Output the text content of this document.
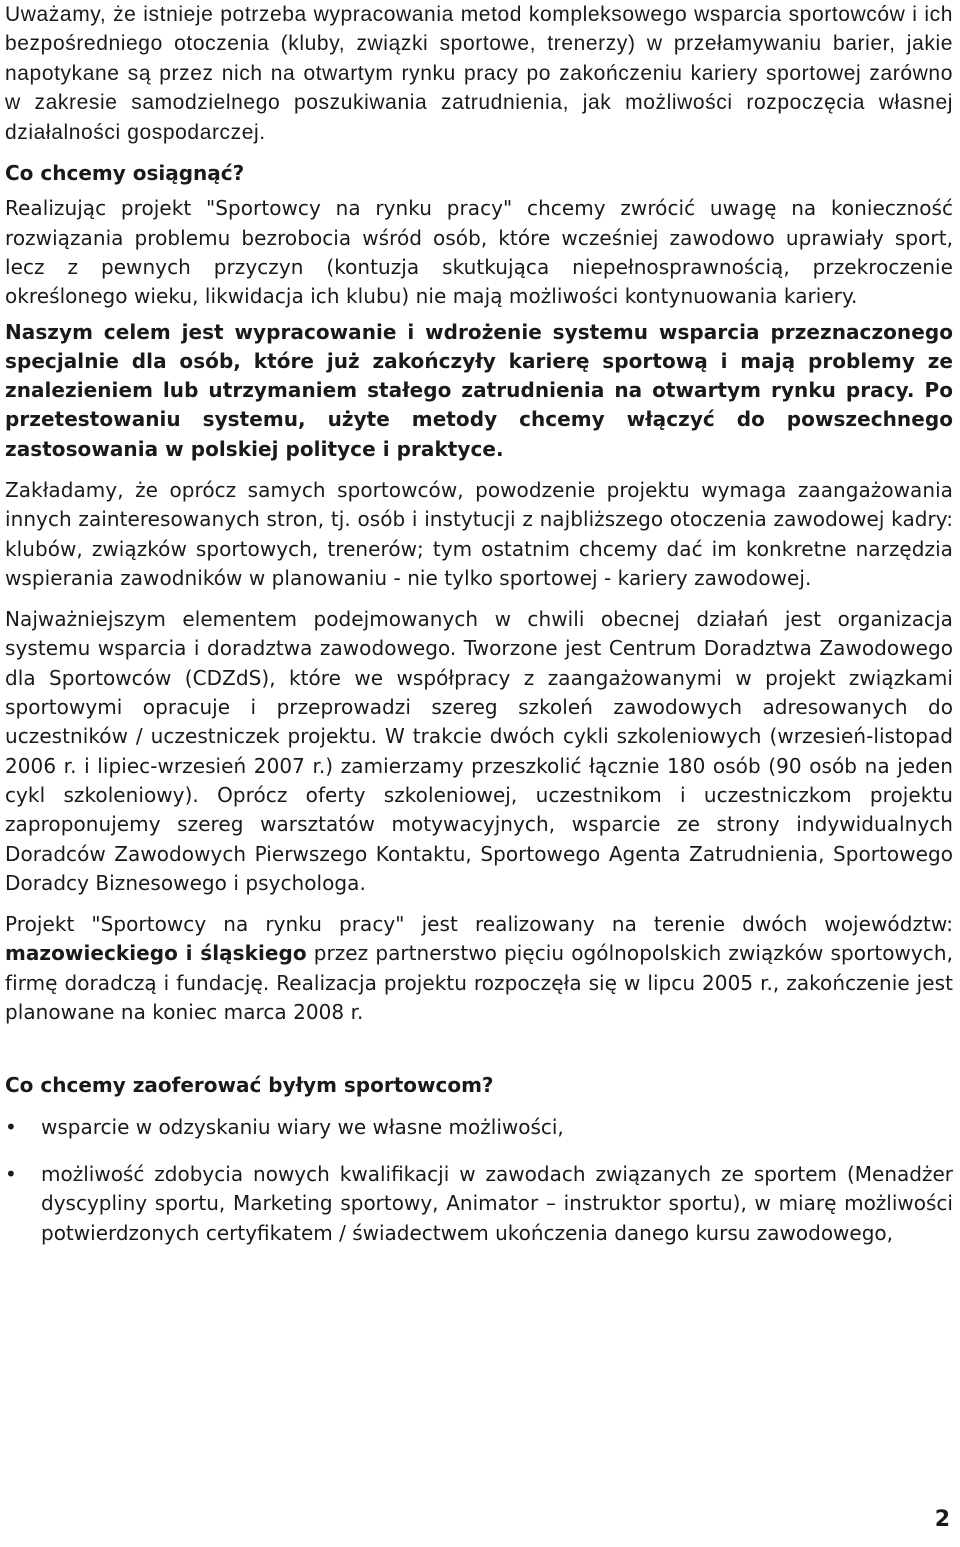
Uważamy, że istnieje potrzeba wypracowania metod kompleksowego wsparcia sportowców i ich bezpośredniego otoczenia (kluby, związki sportowe, trenerzy) w przełamywaniu barier, jakie napotykane są przez nich na otwartym rynku pracy po zakończeniu kariery sportowej zarówno w zakresie samodzielnego poszukiwania zatrudnienia, jak możliwości rozpoczęcia własnej działalności gospodarczej.

Co chcemy osiągnąć?

Realizując projekt "Sportowcy na rynku pracy" chcemy zwrócić uwagę na konieczność rozwiązania problemu bezrobocia wśród osób, które wcześniej zawodowo uprawiały sport, lecz z pewnych przyczyn (kontuzja skutkująca niepełnosprawnością, przekroczenie określonego wieku, likwidacja ich klubu) nie mają możliwości kontynuowania kariery.

Naszym celem jest wypracowanie i wdrożenie systemu wsparcia przeznaczonego specjalnie dla osób, które już zakończyły karierę sportową i mają problemy ze znalezieniem lub utrzymaniem stałego zatrudnienia na otwartym rynku pracy. Po przetestowaniu systemu, użyte metody chcemy włączyć do powszechnego zastosowania w polskiej polityce i praktyce.

Zakładamy, że oprócz samych sportowców, powodzenie projektu wymaga zaangażowania innych zainteresowanych stron, tj. osób i instytucji z najbliższego otoczenia zawodowej kadry: klubów, związków sportowych, trenerów; tym ostatnim chcemy dać im konkretne narzędzia wspierania zawodników w planowaniu - nie tylko sportowej - kariery zawodowej.

Najważniejszym elementem podejmowanych w chwili obecnej działań jest organizacja systemu wsparcia i doradztwa zawodowego. Tworzone jest Centrum Doradztwa Zawodowego dla Sportowców (CDZdS), które we współpracy z zaangażowanymi w projekt związkami sportowymi opracuje i przeprowadzi szereg szkoleń zawodowych adresowanych do uczestników / uczestniczek projektu. W trakcie dwóch cykli szkoleniowych (wrzesień-listopad 2006 r. i lipiec-wrzesień 2007 r.) zamierzamy przeszkolić łącznie 180 osób (90 osób na jeden cykl szkoleniowy). Oprócz oferty szkoleniowej, uczestnikom i uczestniczkom projektu zaproponujemy szereg warsztatów motywacyjnych, wsparcie ze strony indywidualnych Doradców Zawodowych Pierwszego Kontaktu, Sportowego Agenta Zatrudnienia, Sportowego Doradcy Biznesowego i psychologa.

Projekt "Sportowcy na rynku pracy" jest realizowany na terenie dwóch województw: mazowieckiego i śląskiego przez partnerstwo pięciu ogólnopolskich związków sportowych, firmę doradczą i fundację. Realizacja projektu rozpoczęła się w lipcu 2005 r., zakończenie jest planowane na koniec marca 2008 r.

Co chcemy zaoferować byłym sportowcom?
•	wsparcie w odzyskaniu wiary we własne możliwości,
•	możliwość zdobycia nowych kwalifikacji w zawodach związanych ze sportem (Menadżer dyscypliny sportu, Marketing sportowy, Animator – instruktor sportu), w miarę możliwości potwierdzonych certyfikatem / świadectwem ukończenia danego kursu zawodowego,
2
